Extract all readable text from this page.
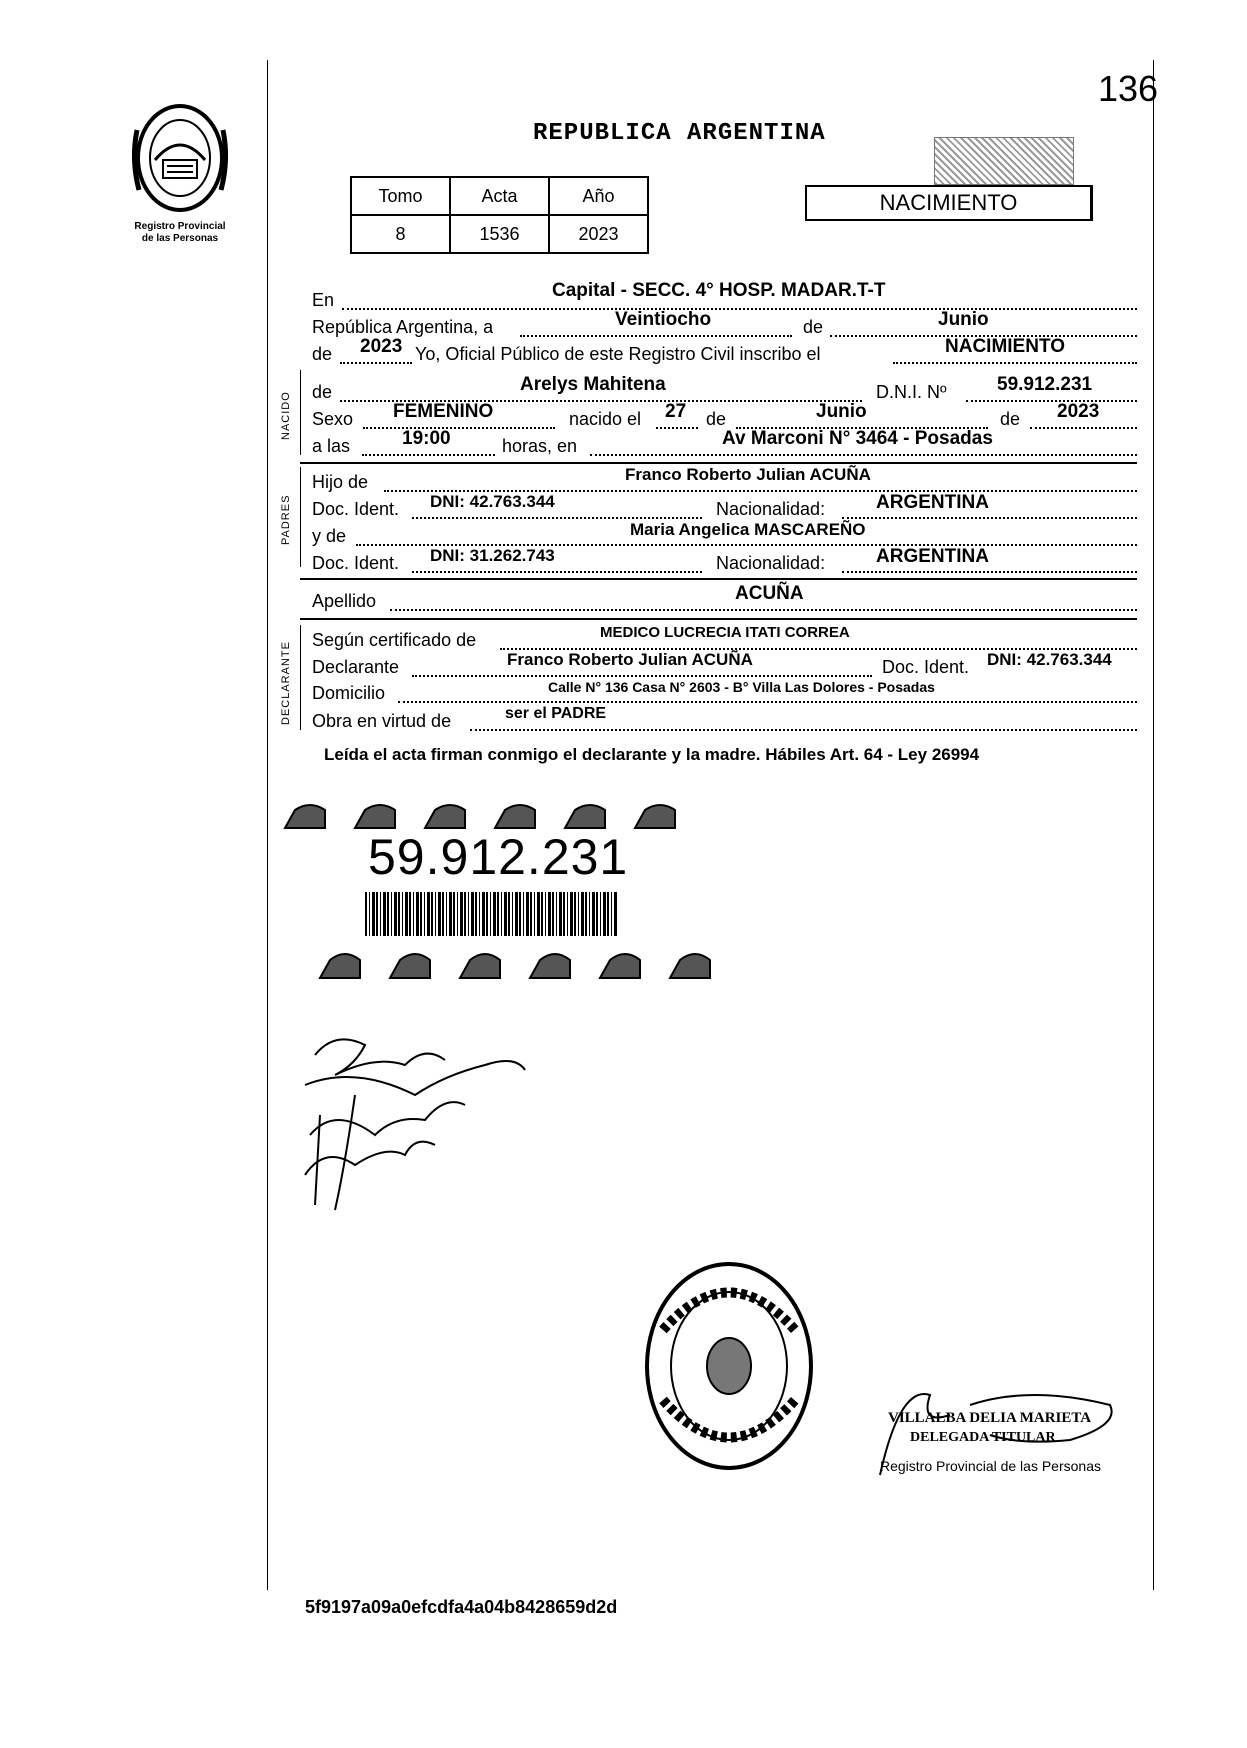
136
Registro Provincial
de las Personas
REPUBLICA ARGENTINA
NACIMIENTO
Tomo	Acta	Año
8	1536	2023
En	Capital - SECC. 4° HOSP. MADAR.T-T
República Argentina, a	Veintiocho	de	Junio
de 2023 Yo, Oficial Público de este Registro Civil inscribo el	NACIMIENTO
NACIDO de	Arelys Mahitena	D.N.I. Nº	59.912.231
Sexo FEMENINO	nacido el 27 de	Junio	de 2023
a las	19:00	horas, en	Av Marconi N° 3464 - Posadas
PADRES
Hijo de	Franco Roberto Julian ACUÑA
Doc. Ident. DNI: 42.763.344	Nacionalidad:	ARGENTINA
y de	Maria Angelica MASCAREÑO
Doc. Ident. DNI: 31.262.743	Nacionalidad:	ARGENTINA
Apellido	ACUÑA
DECLARANTE
Según certificado de	MEDICO LUCRECIA ITATI CORREA
Declarante	Franco Roberto Julian ACUÑA	Doc. Ident. DNI: 42.763.344
Domicilio	Calle N° 136 Casa N° 2603 - B° Villa Las Dolores - Posadas
Obra en virtud de	ser el PADRE
Leída el acta firman conmigo el declarante y la madre. Hábiles Art. 64 - Ley 26994
59.912.231
VILLALBA DELIA MARIETA
DELEGADA TITULAR
Registro Provincial de las Personas
5f9197a09a0efcdfa4a04b8428659d2d
